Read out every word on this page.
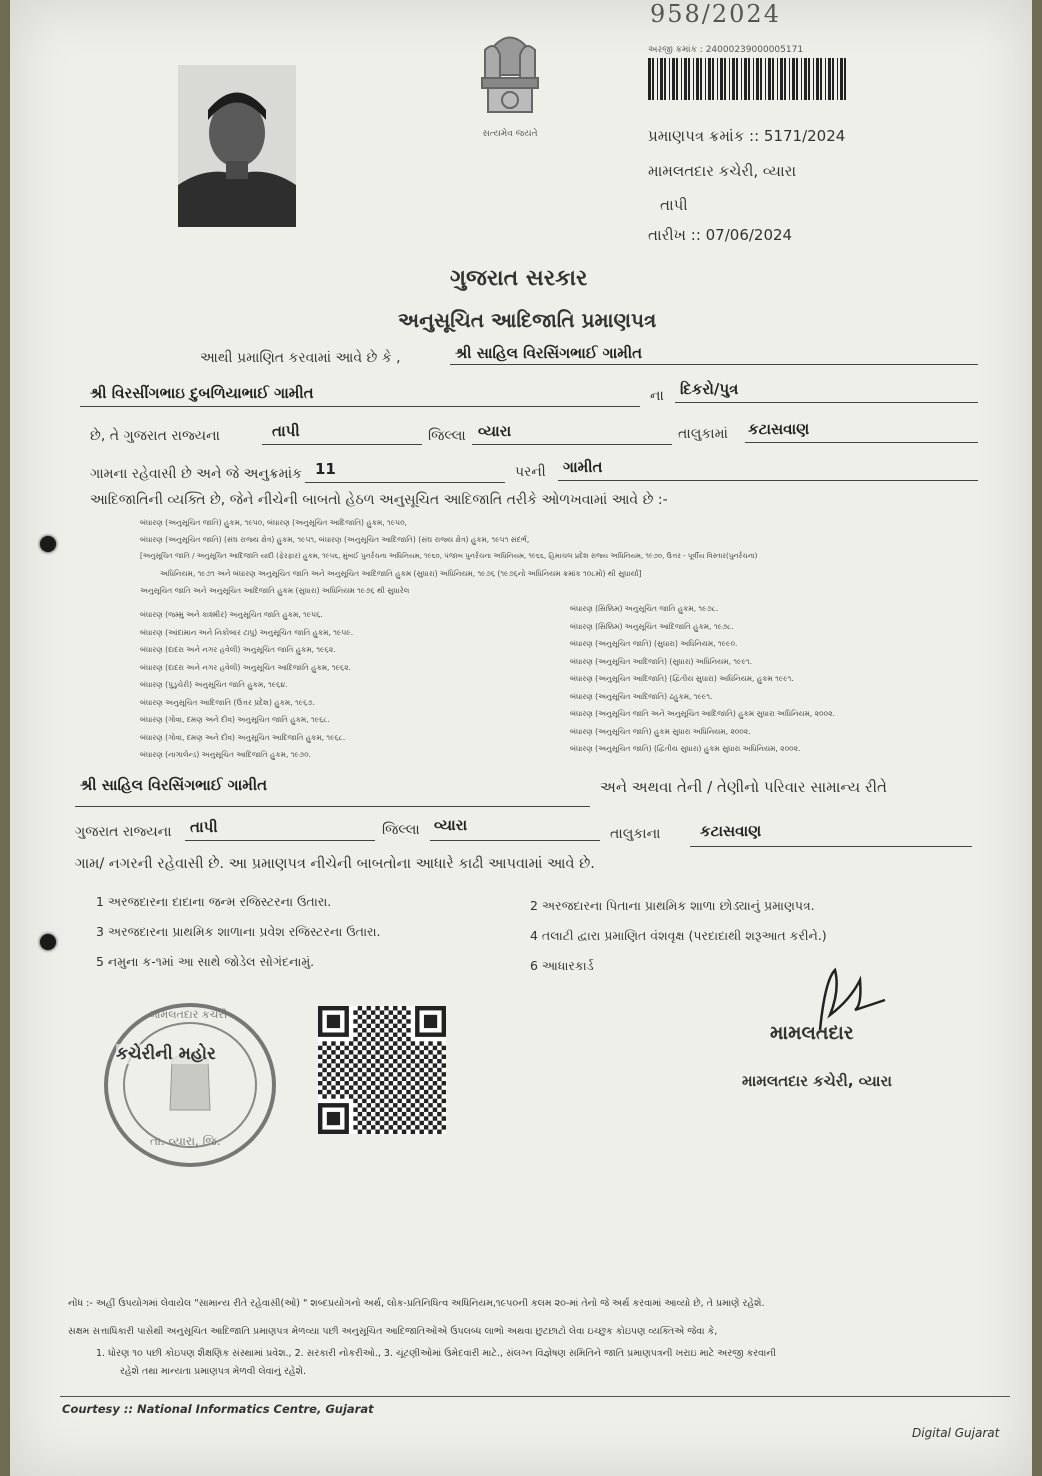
958/2024
સત્યમેવ જયતે
અરજી ક્રમાંક : 24000239000005171
પ્રમાણપત્ર ક્રમાંક :: 5171/2024
મામલતદાર કચેરી, વ્યારા
તાપી
તારીખ :: 07/06/2024
ગુજરાત સરકાર
અનુસૂચિત આદિજાતિ પ્રમાણપત્ર
આથી પ્રમાણિત કરવામાં આવે છે કે ,	શ્રી સાહિલ વિરસિંગભાઈ ગામીત
શ્રી વિરસીંગભાઇ દુબળિયાભાઈ ગામીત	ના દિકરો/પુત્ર
છે, તે ગુજરાત રાજ્યના	તાપી	જિલ્લા વ્યારા	તાલુકામાં કટાસવાણ
ગામના રહેવાસી છે અને જે અનુક્રમાંક 11	પરની ગામીત
આદિજાતિની વ્યક્તિ છે, જેને નીચેની બાબતો હેઠળ અનુસૂચિત આદિજાતિ તરીકે ઓળખવામાં આવે છે :-
બંધારણ (અનુસૂચિત જાતિ) હુકમ, ૧૯૫૦, બંધારણ (અનુસૂચિત આદિજાતિ) હુકમ, ૧૯૫૦,
બંધારણ (અનુસૂચિત જાતિ) (સંઘ રાજ્ય ક્ષેત્ર) હુકમ, ૧૯૫૧, બંધારણ (અનુસૂચિત આદિજાતિ) (સંઘ રાજ્ય ક્ષેત્ર) હુકમ, ૧૯૫૧ સંદર્ભ,
[અનુસૂચિત જાતિ / અનુસૂચિત આદિજાતિ યાદી (ફેરફાર) હુકમ, ૧૯૫૬, મુંબઈ પુનર્રચના અધિનિયમ, ૧૯૬૦, પંજાબ પુનર્રચના અધિનિયમ, ૧૯૬૬, હિમાચલ પ્રદેશ રાજ્ય અધિનિયમ, ૧૯૭૦, ઉત્તર - પૂર્વીય વિસ્તાર(પુનર્રચના)
અધિનિયમ, ૧૯૭૧ અને બંધારણ અનુસૂચિત જાતિ અને અનુસૂચિત આદિજાતિ હુકમ (સુધારા) અધિનિયમ, ૧૯૭૬ (૧૯૭૬નો અધિનિયમ ક્રમાંક ૧૦૮મો) થી સુધાર્યા]
અનુસૂચિત જાતિ અને અનુસૂચિત આદિજાતિ હુકમ (સુધારા) અધિનિયમ ૧૯૭૬ થી સુધારેલ
બંધારણ (જમ્મુ અને કાશ્મીર) અનુસૂચિત જાતિ હુકમ, ૧૯૫૬.
બંધારણ (આંદામાન અને નિકોબાર ટાપુ) અનુસૂચિત જાતિ હુકમ, ૧૯૫૯.
બંધારણ (દાદરા અને નગર હવેલી) અનુસૂચિત જાતિ હુકમ, ૧૯૬૨.
બંધારણ (દાદરા અને નગર હવેલી) અનુસૂચિત આદિજાતિ હુકમ, ૧૯૬૨.
બંધારણ (પુડુચેરી) અનુસૂચિત જાતિ હુકમ, ૧૯૬૪.
બંધારણ અનુસૂચિત આદિજાતિ (ઉત્તર પ્રદેશ) હુકમ, ૧૯૬૭.
બંધારણ (ગોવા, દમણ અને દીવ) અનુસૂચિત જાતિ હુકમ, ૧૯૬૮.
બંધારણ (ગોવા, દમણ અને દીવ) અનુસૂચિત આદિજાતિ હુકમ, ૧૯૬૮.
બંધારણ (નાગાલેન્ડ) અનુસૂચિત આદિજાતિ હુકમ, ૧૯૭૦.
બંધારણ (સિક્કિમ) અનુસૂચિત જાતિ હુકમ, ૧૯૭૮.
બંધારણ (સિક્કિમ) અનુસૂચિત આદિજાતિ હુકમ, ૧૯૭૮.
બંધારણ (અનુસૂચિત જાતિ) (સુધારા) અધિનિયમ, ૧૯૯૦.
બંધારણ (અનુસૂચિત આદિજાતિ) (સુધારા) અધિનિયમ, ૧૯૯૧.
બંધારણ (અનુસૂચિત આદિજાતિ) (દ્વિતીય સુધારા) અધિનિયમ, હુકમ ૧૯૯૧.
બંધારણ (અનુસૂચિત આદિજાતિ) ઢહુકમ, ૧૯૯૧.
બંધારણ (અનુસૂચિત જાતિ અને અનુસૂચિત આદિજાતિ) હુકમ સુધારા અધિનિયમ, ૨૦૦૨.
બંધારણ (અનુસૂચિત જાતિ) હુકમ સુધારા અધિનિયમ, ૨૦૦૨.
બંધારણ (અનુસૂચિત જાતિ) (દ્વિતીય સુધારા) હુકમ સુધારા અધિનિયમ, ૨૦૦૨.
શ્રી સાહિલ વિરસિંગભાઈ ગામીત	અને અથવા તેની / તેણીનો પરિવાર સામાન્ય રીતે
ગુજરાત રાજ્યના તાપી	જિલ્લા વ્યારા	તાલુકાના	કટાસવાણ
ગામ/ નગરની રહેવાસી છે. આ પ્રમાણપત્ર નીચેની બાબતોના આધારે કાઢી આપવામાં આવે છે.
1 અરજદારના દાદાના જન્મ રજિસ્ટરના ઉતારા.	2 અરજદારના પિતાના પ્રાથમિક શાળા છોડ્યાનું પ્રમાણપત્ર.
3 અરજદારના પ્રાથમિક શાળાના પ્રવેશ રજિસ્ટરના ઉતારા.	4 તલાટી દ્વારા પ્રમાણિત વંશવૃક્ષ (પરદાદાથી શરૂઆત કરીને.)
5 નમુના ક-૧માં આ સાથે જોડેલ સોગંદનામું.	6 આધારકાર્ડ
મામલતદાર કચેરી
કચેરીની મહોર
તા. વ્યારા, જિ.
મામલતદાર
મામલતદાર કચેરી, વ્યારા
નોંધ :- અહીં ઉપયોગમાં લેવાયેલ "સામાન્ય રીતે રહેવાસી(ઓ) " શબ્દપ્રયોગનો અર્થ, લોક-પ્રતિનિધિત્વ અધિનિયમ,૧૯૫૦ની કલમ ૨૦-માં તેનો જે અર્થ કરવામાં આવ્યો છે, તે પ્રમાણે રહેશે.
સક્ષમ સત્તાધિકારી પાસેથી અનુસૂચિત આદિજાતિ પ્રમાણપત્ર મેળવ્યા પછી અનુસૂચિત આદિજાતિઓએ ઉપલબ્ધ લાભો અથવા છુટછાટો લેવા ઇચ્છુક કોઇપણ વ્યક્તિએ જેવા કે,
1. ધોરણ ૧૦ પછી કોઇપણ શૈક્ષણિક સંસ્થામાં પ્રવેશ., 2. સરકારી નોકરીઓ., 3. ચૂંટણીઓમાં ઉમેદવારી માટે., સંલગ્ન વિજ્ઞેષણ સમિતિને જાતિ પ્રમાણપત્રની ખરાઇ માટે અરજી કરવાની
રહેશે તથા માન્યતા પ્રમાણપત્ર મેળવી લેવાનું રહેશે.
Courtesy :: National Informatics Centre, Gujarat
Digital Gujarat
